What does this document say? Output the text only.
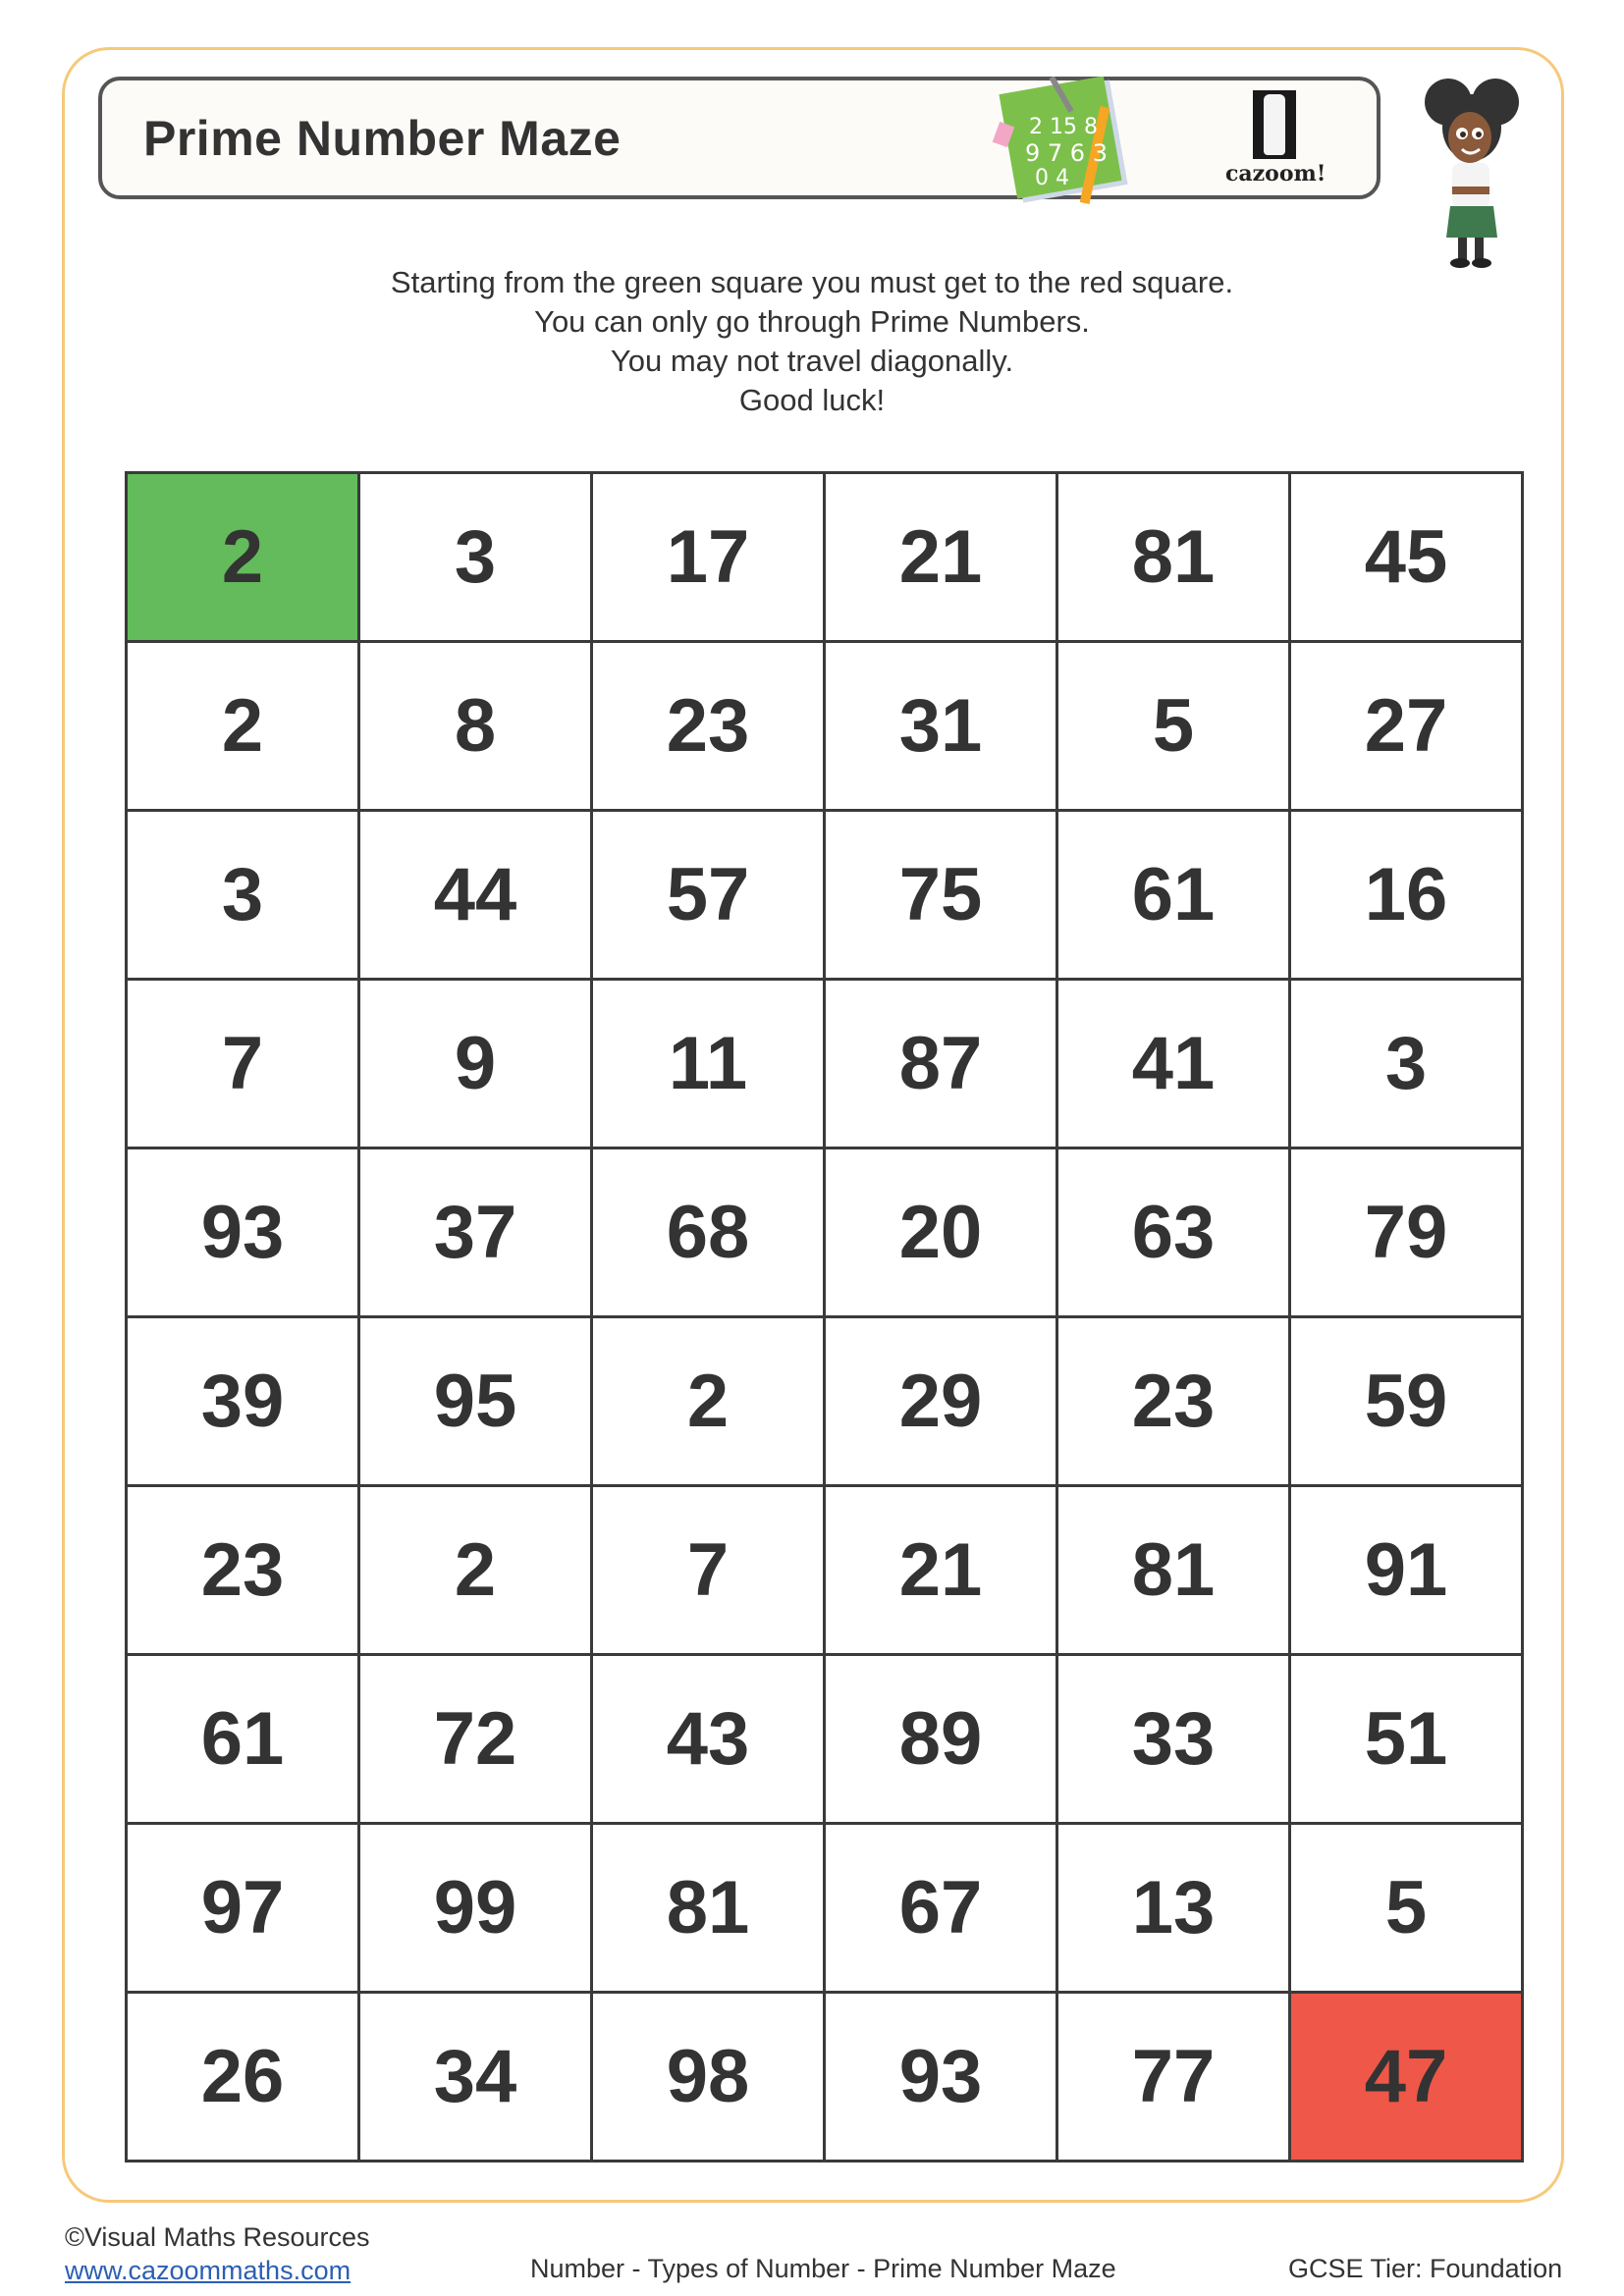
Prime Number Maze	2 15 8
9 7 6 3
0 4	cazoom!
Starting from the green square you must get to the red square.
You can only go through Prime Numbers.
You may not travel diagonally.
Good luck!
2	3	17	21	81	45
2	8	23	31	5	27
3	44	57	75	61	16
7	9	11	87	41	3
93	37	68	20	63	79
39	95	2	29	23	59
23	2	7	21	81	91
61	72	43	89	33	51
97	99	81	67	13	5
26	34	98	93	77	47
©Visual Maths Resources
www.cazoommaths.com	Number - Types of Number - Prime Number Maze	GCSE Tier: Foundation
